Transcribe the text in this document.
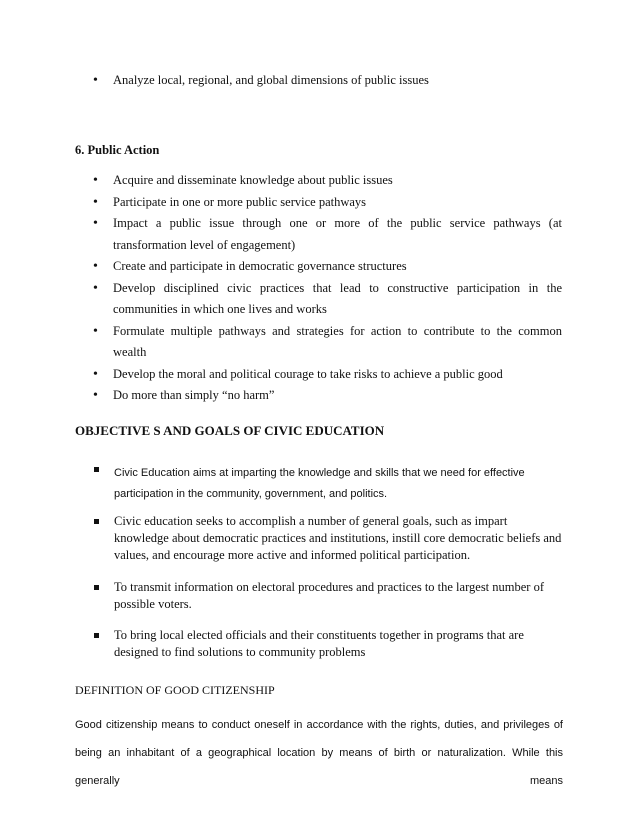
• Analyze local, regional, and global dimensions of public issues
6. Public Action
• Acquire and disseminate knowledge about public issues
• Participate in one or more public service pathways
• Impact a public issue through one or more of the public service pathways (at transformation level of engagement)
• Create and participate in democratic governance structures
• Develop disciplined civic practices that lead to constructive participation in the communities in which one lives and works
• Formulate multiple pathways and strategies for action to contribute to the common wealth
• Develop the moral and political courage to take risks to achieve a public good
• Do more than simply “no harm”
OBJECTIVE S AND GOALS OF CIVIC EDUCATION
Civic Education aims at imparting the knowledge and skills that we need for effective participation in the community, government, and politics.
Civic education seeks to accomplish a number of general goals, such as impart knowledge about democratic practices and institutions, instill core democratic beliefs and values, and encourage more active and informed political participation.
To transmit information on electoral procedures and practices to the largest number of possible voters.
To bring local elected officials and their constituents together in programs that are designed to find solutions to community problems
DEFINITION OF GOOD CITIZENSHIP

Good citizenship means to conduct oneself in accordance with the rights, duties, and privileges of being an inhabitant of a geographical location by means of birth or naturalization. While this generally means
